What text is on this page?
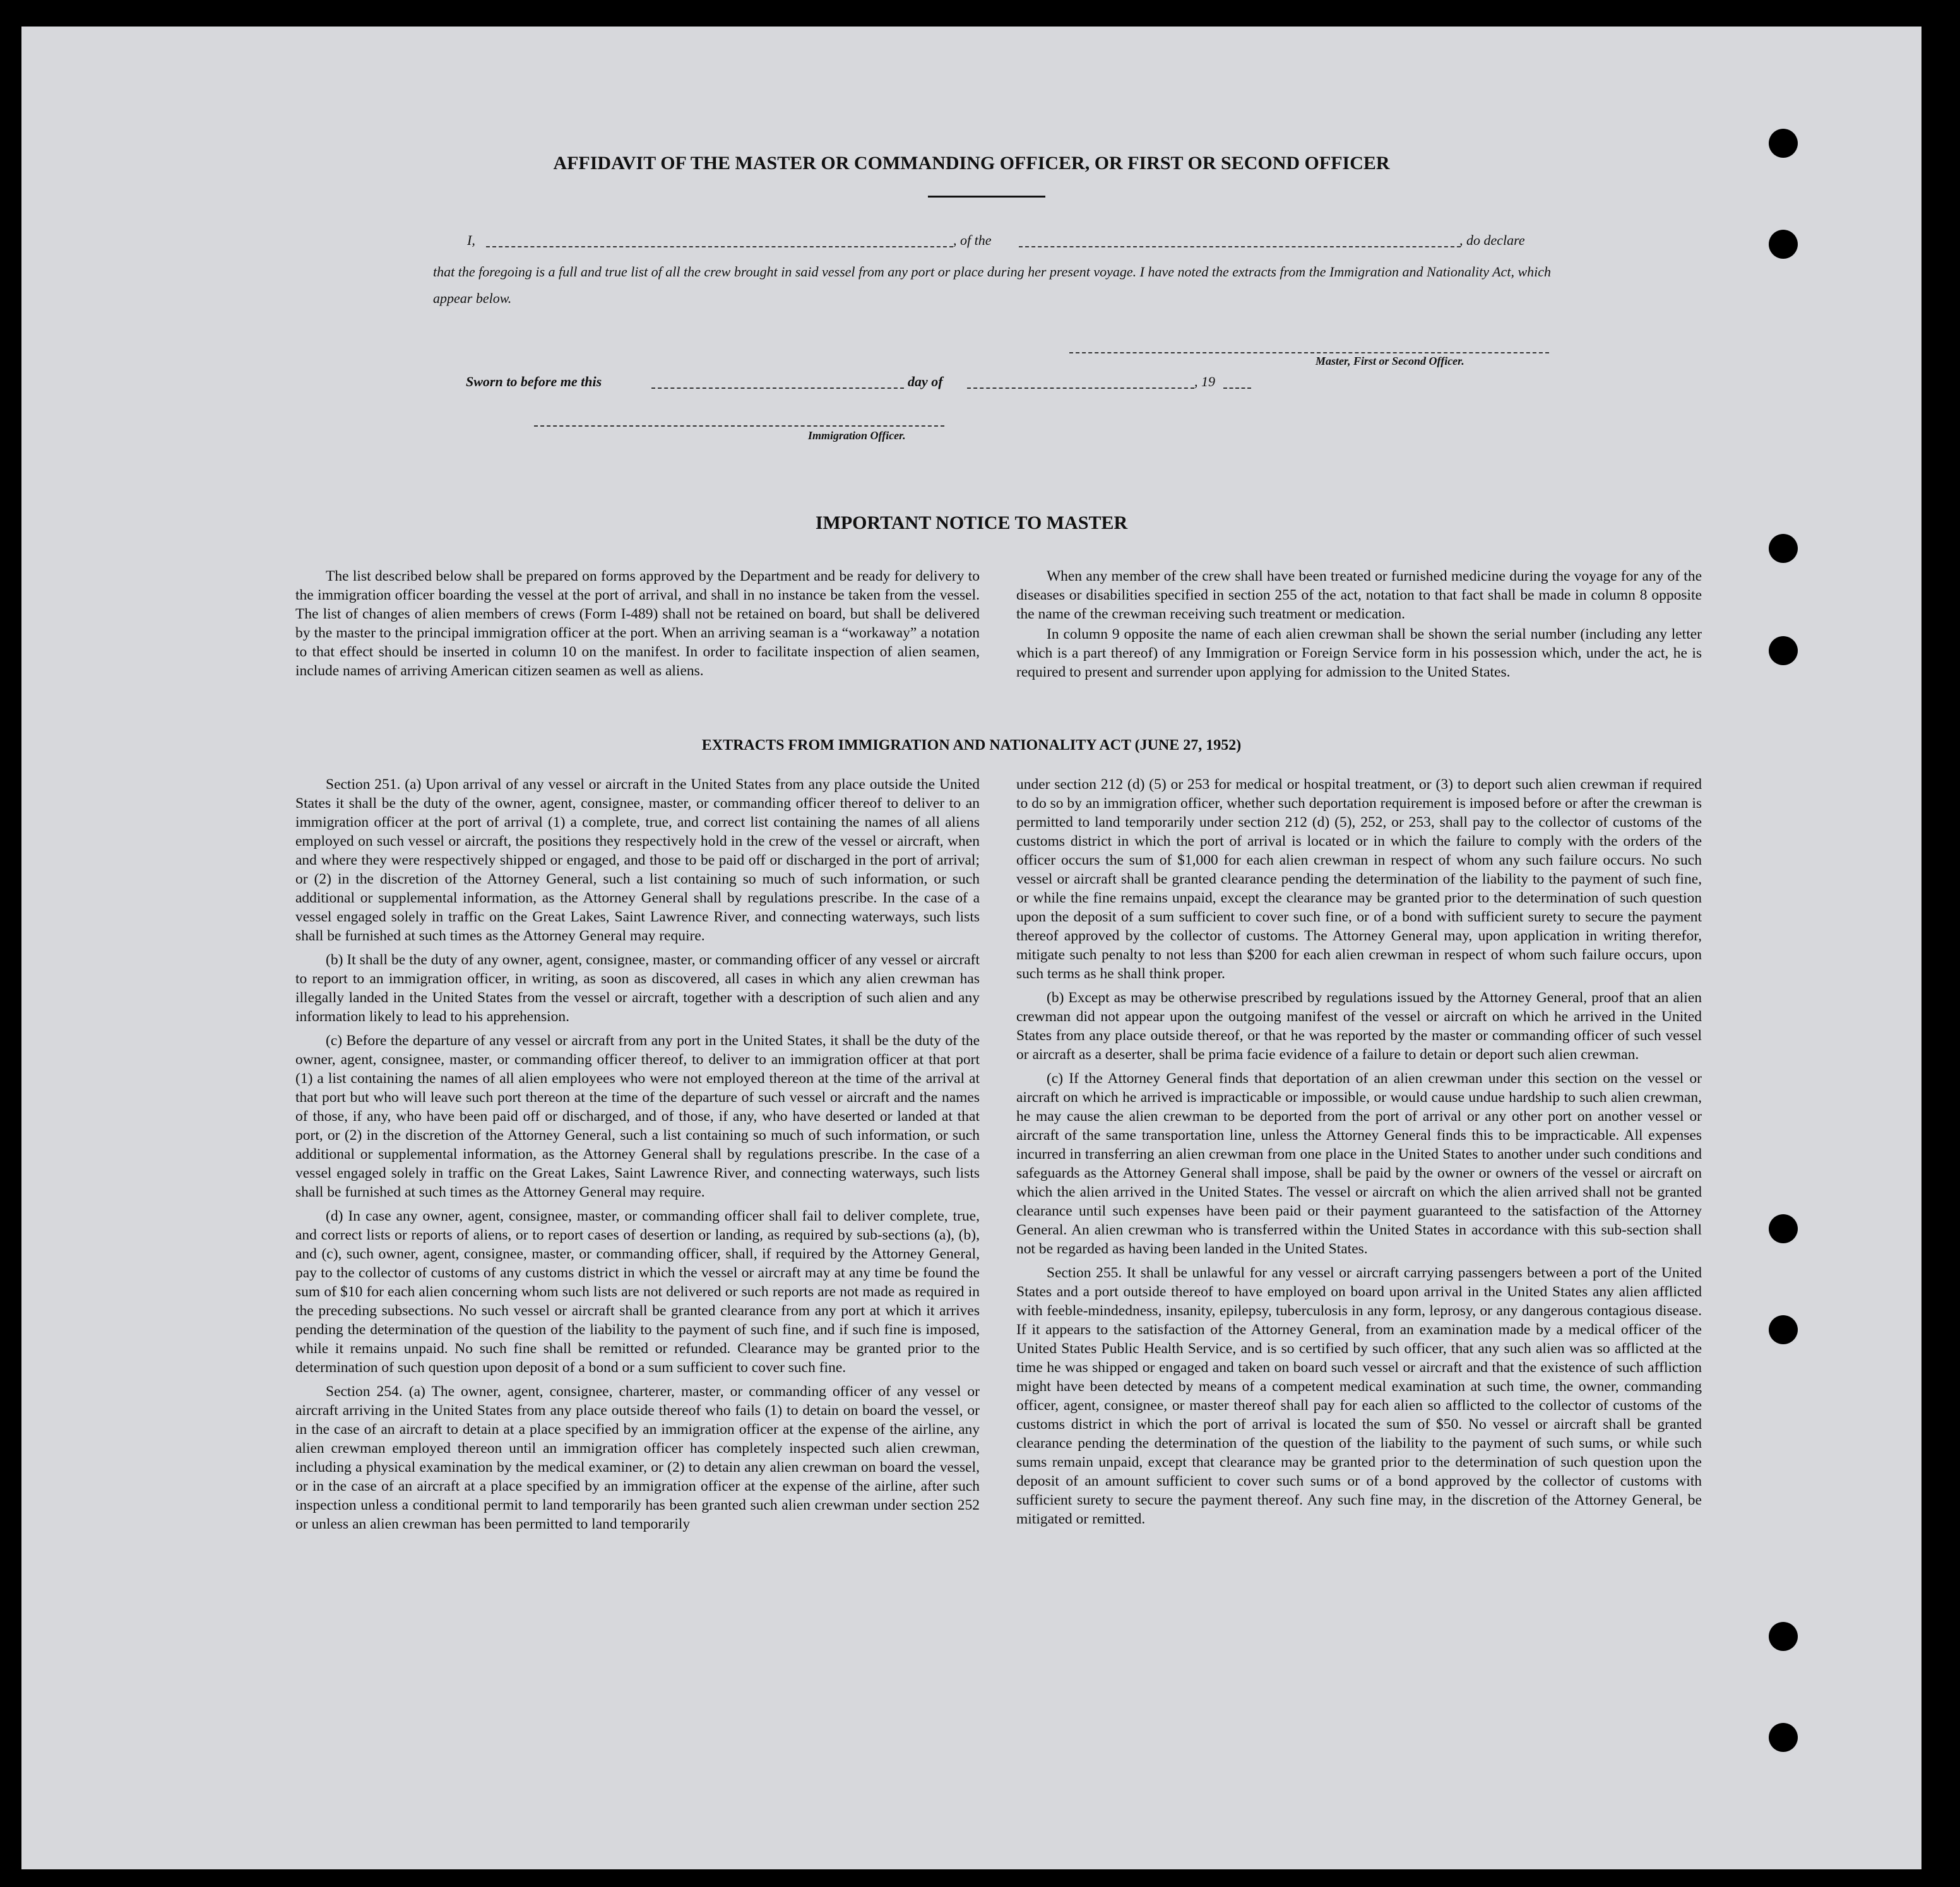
AFFIDAVIT OF THE MASTER OR COMMANDING OFFICER, OR FIRST OR SECOND OFFICER
I,	, of the	, do declare
that the foregoing is a full and true list of all the crew brought in said vessel from any port or place during her present voyage. I have noted the extracts from the Immigration and Nationality Act, which appear below.
Master, First or Second Officer.
Sworn to before me this	day of	, 19
Immigration Officer.
IMPORTANT NOTICE TO MASTER

The list described below shall be prepared on forms approved by the Department and be ready for delivery to the immigration officer boarding the vessel at the port of arrival, and shall in no instance be taken from the vessel. The list of changes of alien members of crews (Form I-489) shall not be retained on board, but shall be delivered by the master to the principal immigration officer at the port. When an arriving seaman is a “workaway” a notation to that effect should be inserted in column 10 on the manifest. In order to facilitate inspection of alien seamen, include names of arriving American citizen seamen as well as aliens.

When any member of the crew shall have been treated or furnished medicine during the voyage for any of the diseases or disabilities specified in section 255 of the act, notation to that fact shall be made in column 8 opposite the name of the crewman receiving such treatment or medication.

In column 9 opposite the name of each alien crewman shall be shown the serial number (including any letter which is a part thereof) of any Immigration or Foreign Service form in his possession which, under the act, he is required to present and surrender upon applying for admission to the United States.

EXTRACTS FROM IMMIGRATION AND NATIONALITY ACT (JUNE 27, 1952)

Section 251. (a) Upon arrival of any vessel or aircraft in the United States from any place outside the United States it shall be the duty of the owner, agent, consignee, master, or commanding officer thereof to deliver to an immigration officer at the port of arrival (1) a complete, true, and correct list containing the names of all aliens employed on such vessel or aircraft, the positions they respectively hold in the crew of the vessel or aircraft, when and where they were respectively shipped or engaged, and those to be paid off or discharged in the port of arrival; or (2) in the discretion of the Attorney General, such a list containing so much of such information, or such additional or supplemental information, as the Attorney General shall by regulations prescribe. In the case of a vessel engaged solely in traffic on the Great Lakes, Saint Lawrence River, and connecting waterways, such lists shall be furnished at such times as the Attorney General may require.

(b) It shall be the duty of any owner, agent, consignee, master, or commanding officer of any vessel or aircraft to report to an immigration officer, in writing, as soon as discovered, all cases in which any alien crewman has illegally landed in the United States from the vessel or aircraft, together with a description of such alien and any information likely to lead to his apprehension.

(c) Before the departure of any vessel or aircraft from any port in the United States, it shall be the duty of the owner, agent, consignee, master, or commanding officer thereof, to deliver to an immigration officer at that port (1) a list containing the names of all alien employees who were not employed thereon at the time of the arrival at that port but who will leave such port thereon at the time of the departure of such vessel or aircraft and the names of those, if any, who have been paid off or discharged, and of those, if any, who have deserted or landed at that port, or (2) in the discretion of the Attorney General, such a list containing so much of such information, or such additional or supplemental information, as the Attorney General shall by regulations prescribe. In the case of a vessel engaged solely in traffic on the Great Lakes, Saint Lawrence River, and connecting waterways, such lists shall be furnished at such times as the Attorney General may require.

(d) In case any owner, agent, consignee, master, or commanding officer shall fail to deliver complete, true, and correct lists or reports of aliens, or to report cases of desertion or landing, as required by sub-sections (a), (b), and (c), such owner, agent, consignee, master, or commanding officer, shall, if required by the Attorney General, pay to the collector of customs of any customs district in which the vessel or aircraft may at any time be found the sum of $10 for each alien concerning whom such lists are not delivered or such reports are not made as required in the preceding subsections. No such vessel or aircraft shall be granted clearance from any port at which it arrives pending the determination of the question of the liability to the payment of such fine, and if such fine is imposed, while it remains unpaid. No such fine shall be remitted or refunded. Clearance may be granted prior to the determination of such question upon deposit of a bond or a sum sufficient to cover such fine.

Section 254. (a) The owner, agent, consignee, charterer, master, or commanding officer of any vessel or aircraft arriving in the United States from any place outside thereof who fails (1) to detain on board the vessel, or in the case of an aircraft to detain at a place specified by an immigration officer at the expense of the airline, any alien crewman employed thereon until an immigration officer has completely inspected such alien crewman, including a physical examination by the medical examiner, or (2) to detain any alien crewman on board the vessel, or in the case of an aircraft at a place specified by an immigration officer at the expense of the airline, after such inspection unless a conditional permit to land temporarily has been granted such alien crewman under section 252 or unless an alien crewman has been permitted to land temporarily

under section 212 (d) (5) or 253 for medical or hospital treatment, or (3) to deport such alien crewman if required to do so by an immigration officer, whether such deportation requirement is imposed before or after the crewman is permitted to land temporarily under section 212 (d) (5), 252, or 253, shall pay to the collector of customs of the customs district in which the port of arrival is located or in which the failure to comply with the orders of the officer occurs the sum of $1,000 for each alien crewman in respect of whom any such failure occurs. No such vessel or aircraft shall be granted clearance pending the determination of the liability to the payment of such fine, or while the fine remains unpaid, except the clearance may be granted prior to the determination of such question upon the deposit of a sum sufficient to cover such fine, or of a bond with sufficient surety to secure the payment thereof approved by the collector of customs. The Attorney General may, upon application in writing therefor, mitigate such penalty to not less than $200 for each alien crewman in respect of whom such failure occurs, upon such terms as he shall think proper.

(b) Except as may be otherwise prescribed by regulations issued by the Attorney General, proof that an alien crewman did not appear upon the outgoing manifest of the vessel or aircraft on which he arrived in the United States from any place outside thereof, or that he was reported by the master or commanding officer of such vessel or aircraft as a deserter, shall be prima facie evidence of a failure to detain or deport such alien crewman.

(c) If the Attorney General finds that deportation of an alien crewman under this section on the vessel or aircraft on which he arrived is impracticable or impossible, or would cause undue hardship to such alien crewman, he may cause the alien crewman to be deported from the port of arrival or any other port on another vessel or aircraft of the same transportation line, unless the Attorney General finds this to be impracticable. All expenses incurred in transferring an alien crewman from one place in the United States to another under such conditions and safeguards as the Attorney General shall impose, shall be paid by the owner or owners of the vessel or aircraft on which the alien arrived in the United States. The vessel or aircraft on which the alien arrived shall not be granted clearance until such expenses have been paid or their payment guaranteed to the satisfaction of the Attorney General. An alien crewman who is transferred within the United States in accordance with this sub-section shall not be regarded as having been landed in the United States.

Section 255. It shall be unlawful for any vessel or aircraft carrying passengers between a port of the United States and a port outside thereof to have employed on board upon arrival in the United States any alien afflicted with feeble-mindedness, insanity, epilepsy, tuberculosis in any form, leprosy, or any dangerous contagious disease. If it appears to the satisfaction of the Attorney General, from an examination made by a medical officer of the United States Public Health Service, and is so certified by such officer, that any such alien was so afflicted at the time he was shipped or engaged and taken on board such vessel or aircraft and that the existence of such affliction might have been detected by means of a competent medical examination at such time, the owner, commanding officer, agent, consignee, or master thereof shall pay for each alien so afflicted to the collector of customs of the customs district in which the port of arrival is located the sum of $50. No vessel or aircraft shall be granted clearance pending the determination of the question of the liability to the payment of such sums, or while such sums remain unpaid, except that clearance may be granted prior to the determination of such question upon the deposit of an amount sufficient to cover such sums or of a bond approved by the collector of customs with sufficient surety to secure the payment thereof. Any such fine may, in the discretion of the Attorney General, be mitigated or remitted.
